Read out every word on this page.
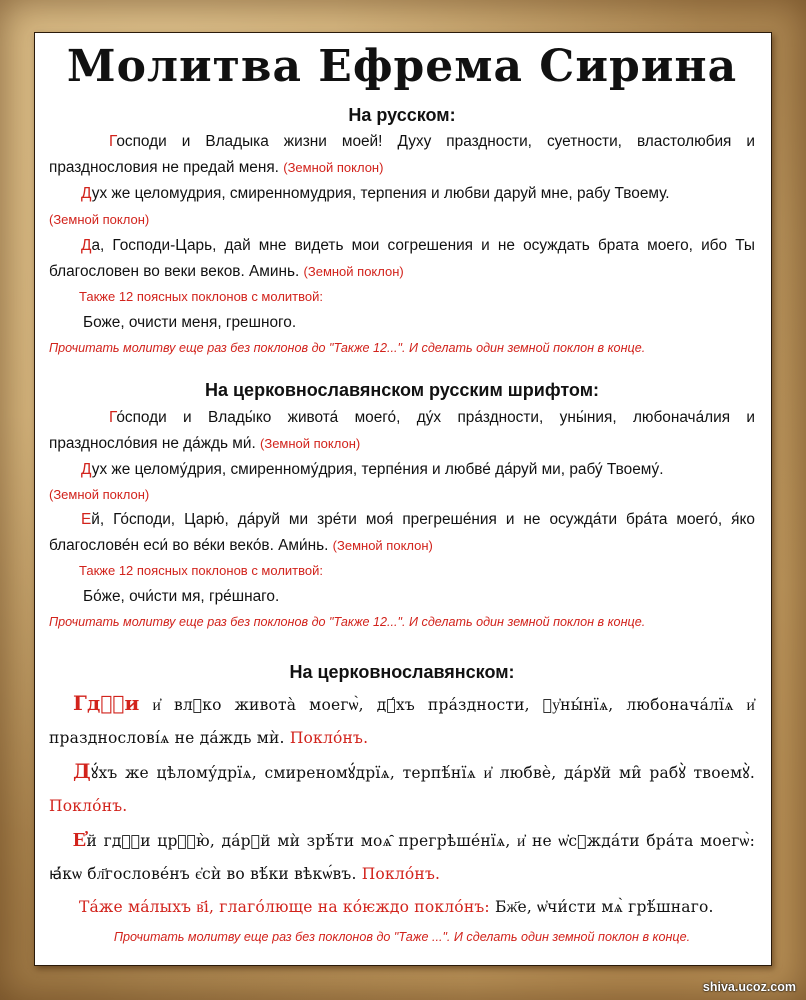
Молитва Ефрема Сирина
На русском:

Господи и Владыка жизни моей! Духу праздности, суетности, властолюбия и празднословия не предай меня. (Земной поклон)

Дух же целомудрия, смиренномудрия, терпения и любви даруй мне, рабу Твоему.

(Земной поклон)

Да, Господи-Царь, дай мне видеть мои согрешения и не осуждать брата моего, ибо Ты благословен во веки веков. Аминь. (Земной поклон)

Также 12 поясных поклонов с молитвой:

Боже, очисти меня, грешного.

Прочитать молитву еще раз без поклонов до "Также 12...". И сделать один земной поклон в конце.

На церковнославянском русским шрифтом:

Го́споди и Влады́ко живота́ моего́, ду́х пра́здности, уны́ния, любонача́лия и праздносло́вия не да́ждь ми́. (Земной поклон)

Дух же целому́дрия, смиренному́дрия, терпе́ния и любве́ да́руй ми, рабу́ Твоему́.

(Земной поклон)

Ей, Го́споди, Царю́, да́руй ми зре́ти моя́ прегреше́ния и не осужда́ти бра́та моего́, я́ко благослове́н еси́ во ве́ки веко́в. Ами́нь. (Земной поклон)

Также 12 поясных поклонов с молитвой:

Бо́же, очи́сти мя, гре́шнаго.

Прочитать молитву еще раз без поклонов до "Также 12...". И сделать один земной поклон в конце.

На церковнославянском:

Гдⷭ҇и и҆ влⷣко живота̀ моегѡ̀, дꙋ́хъ пра́здности, ᲂу҆ны́нїѧ, любонача́лїѧ и҆ празднослові́ѧ не да́ждь мѝ. Покло́нъ.

Дꙋ́хъ же цѣлому́дрїѧ, смиреномꙋ́дрїѧ, терпѣ́нїѧ и҆ любвѐ, да́рꙋй ми̑ рабꙋ̀ твоемꙋ̀. Покло́нъ.

Е҆й гдⷭ҇и црⷭ҇ю̀, да́рꙋй мѝ зрѣ́ти моѧ̑ прегрѣше́нїѧ, и҆ не ѡ҆сꙋжда́ти бра́та моегѡ̀: ꙗ҆́кѡ бл҃гослове́нъ є҆сѝ во вѣ́ки вѣкѡ́въ. Покло́нъ.

Та́же ма́лыхъ в҃і, глаго́люще на ко́ѥждо покло́нъ: Бж҃е, ѡ҆чи́сти мѧ̀ грѣ́шнаго.

Прочитать молитву еще раз без поклонов до "Таже ...". И сделать один земной поклон в конце.

shiva.ucoz.com
